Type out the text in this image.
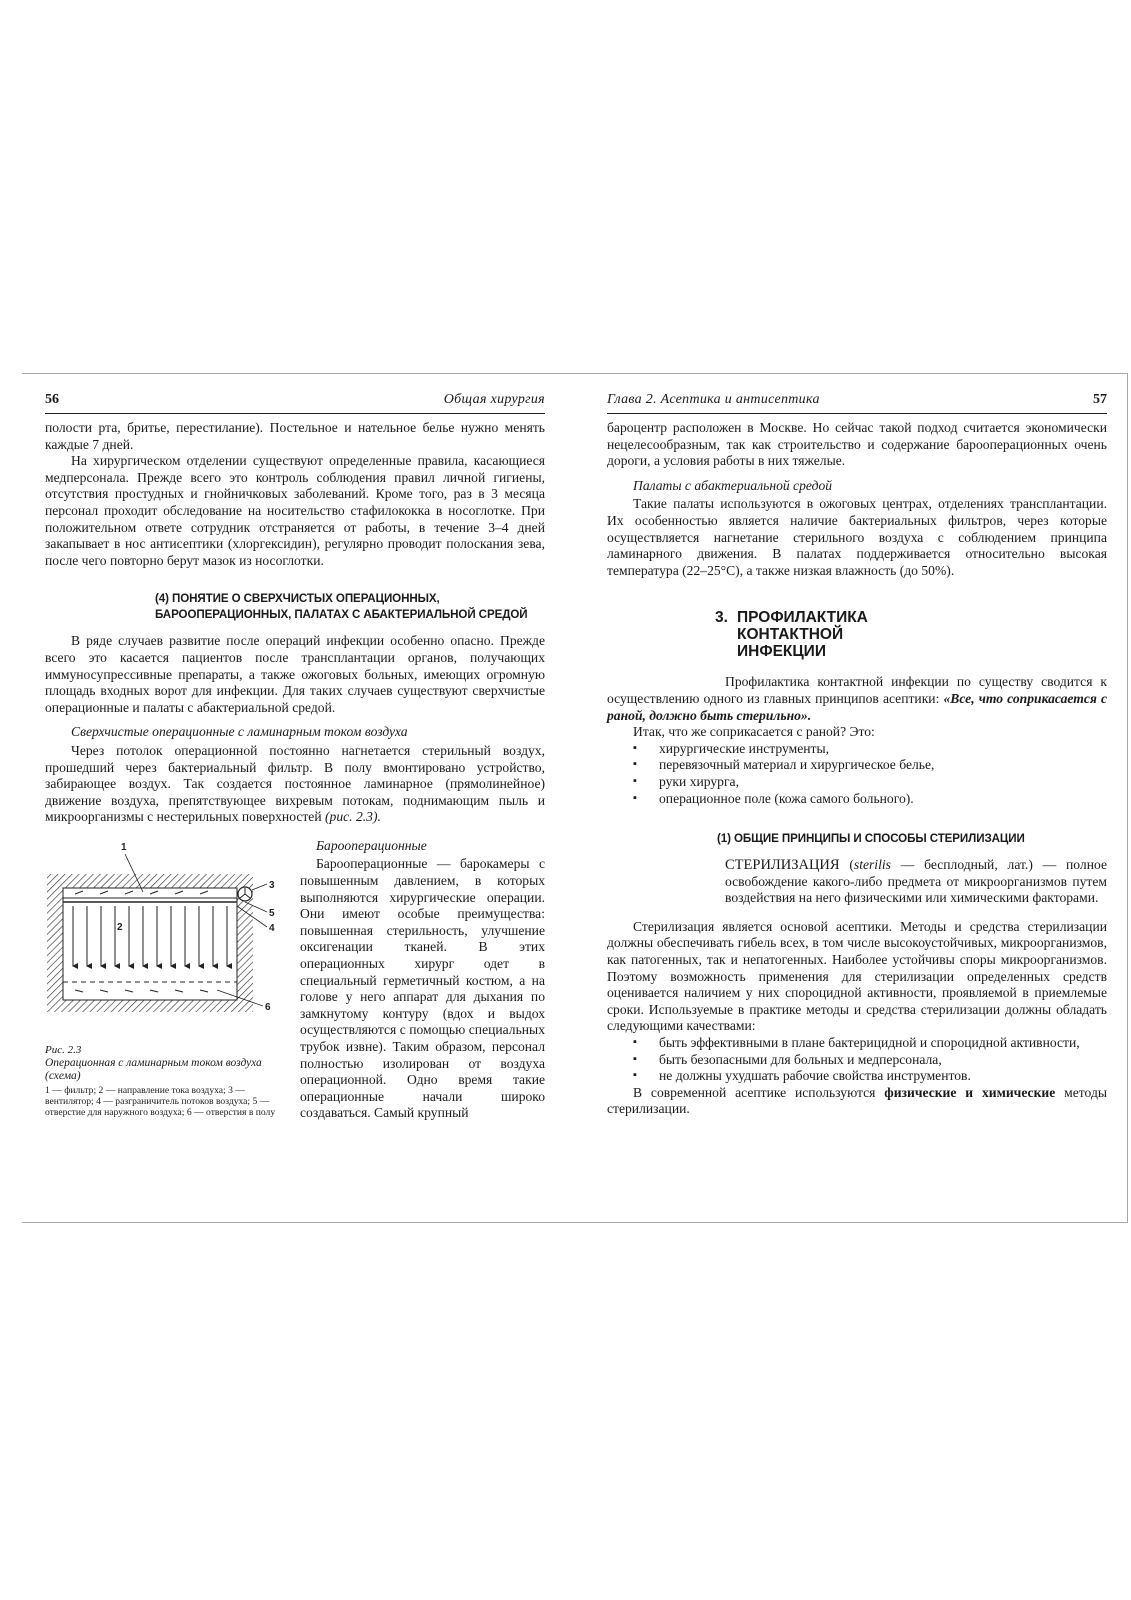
56	Общая хирургия

полости рта, бритье, перестилание). Постельное и нательное белье нужно менять каждые 7 дней.

На хирургическом отделении существуют определенные правила, касающиеся медперсонала. Прежде всего это контроль соблюдения правил личной гигиены, отсутствия простудных и гнойничковых заболеваний. Кроме того, раз в 3 месяца персонал проходит обследование на носительство стафилококка в носоглотке. При положительном ответе сотрудник отстраняется от работы, в течение 3–4 дней закапывает в нос антисептики (хлоргексидин), регулярно проводит полоскания зева, после чего повторно берут мазок из носоглотки.

(4) ПОНЯТИЕ О СВЕРХЧИСТЫХ ОПЕРАЦИОННЫХ,
БАРООПЕРАЦИОННЫХ, ПАЛАТАХ С АБАКТЕРИАЛЬНОЙ СРЕДОЙ

В ряде случаев развитие после операций инфекции особенно опасно. Прежде всего это касается пациентов после трансплантации органов, получающих иммуносупрессивные препараты, а также ожоговых больных, имеющих огромную площадь входных ворот для инфекции. Для таких случаев существуют сверхчистые операционные и палаты с абактериальной средой.

Сверхчистые операционные с ламинарным током воздуха

Через потолок операционной постоянно нагнетается стерильный воздух, прошедший через бактериальный фильтр. В полу вмонтировано устройство, забирающее воздух. Так создается постоянное ламинарное (прямолинейное) движение воздуха, препятствующее вихревым потокам, поднимающим пыль и микроорганизмы с нестерильных поверхностей (рис. 2.3).

1
2
3
4
5
6
Рис. 2.3
Операционная с ламинарным током воздуха (схема)
1 — фильтр; 2 — направление тока воздуха; 3 — вентилятор; 4 — разграничитель потоков воздуха; 5 — отверстие для наружного воздуха; 6 — отверстия в полу
Барооперационные

Барооперационные — барокамеры с повышенным давлением, в которых выполняются хирургические операции. Они имеют особые преимущества: повышенная стерильность, улучшение оксигенации тканей. В этих операционных хирург одет в специальный герметичный костюм, а на голове у него аппарат для дыхания по замкнутому контуру (вдох и выдох осуществляются с помощью специальных трубок извне). Таким образом, персонал полностью изолирован от воздуха операционной. Одно время такие операционные начали широко создаваться. Самый крупный

Глава 2. Асептика и антисептика	57

бароцентр расположен в Москве. Но сейчас такой подход считается экономически нецелесообразным, так как строительство и содержание барооперационных очень дороги, а условия работы в них тяжелые.

Палаты с абактериальной средой

Такие палаты используются в ожоговых центрах, отделениях трансплантации. Их особенностью является наличие бактериальных фильтров, через которые осуществляется нагнетание стерильного воздуха с соблюдением принципа ламинарного движения. В палатах поддерживается относительно высокая температура (22–25°C), а также низкая влажность (до 50%).

3. ПРОФИЛАКТИКА
КОНТАКТНОЙ
ИНФЕКЦИИ

Профилактика контактной инфекции по существу сводится к осуществлению одного из главных принципов асептики: «Все, что соприкасается с раной, должно быть стерильно».

Итак, что же соприкасается с раной? Это:

▪ хирургические инструменты,
▪ перевязочный материал и хирургическое белье,
▪ руки хирурга,
▪ операционное поле (кожа самого больного).
(1) ОБЩИЕ ПРИНЦИПЫ И СПОСОБЫ СТЕРИЛИЗАЦИИ

СТЕРИЛИЗАЦИЯ (sterilis — бесплодный, лат.) — полное освобождение какого-либо предмета от микроорганизмов путем воздействия на него физическими или химическими факторами.

Стерилизация является основой асептики. Методы и средства стерилизации должны обеспечивать гибель всех, в том числе высокоустойчивых, микроорганизмов, как патогенных, так и непатогенных. Наиболее устойчивы споры микроорганизмов. Поэтому возможность применения для стерилизации определенных средств оценивается наличием у них спороцидной активности, проявляемой в приемлемые сроки. Используемые в практике методы и средства стерилизации должны обладать следующими качествами:

▪ быть эффективными в плане бактерицидной и спороцидной активности,
▪ быть безопасными для больных и медперсонала,
▪ не должны ухудшать рабочие свойства инструментов.

В современной асептике используются физические и химические методы стерилизации.
